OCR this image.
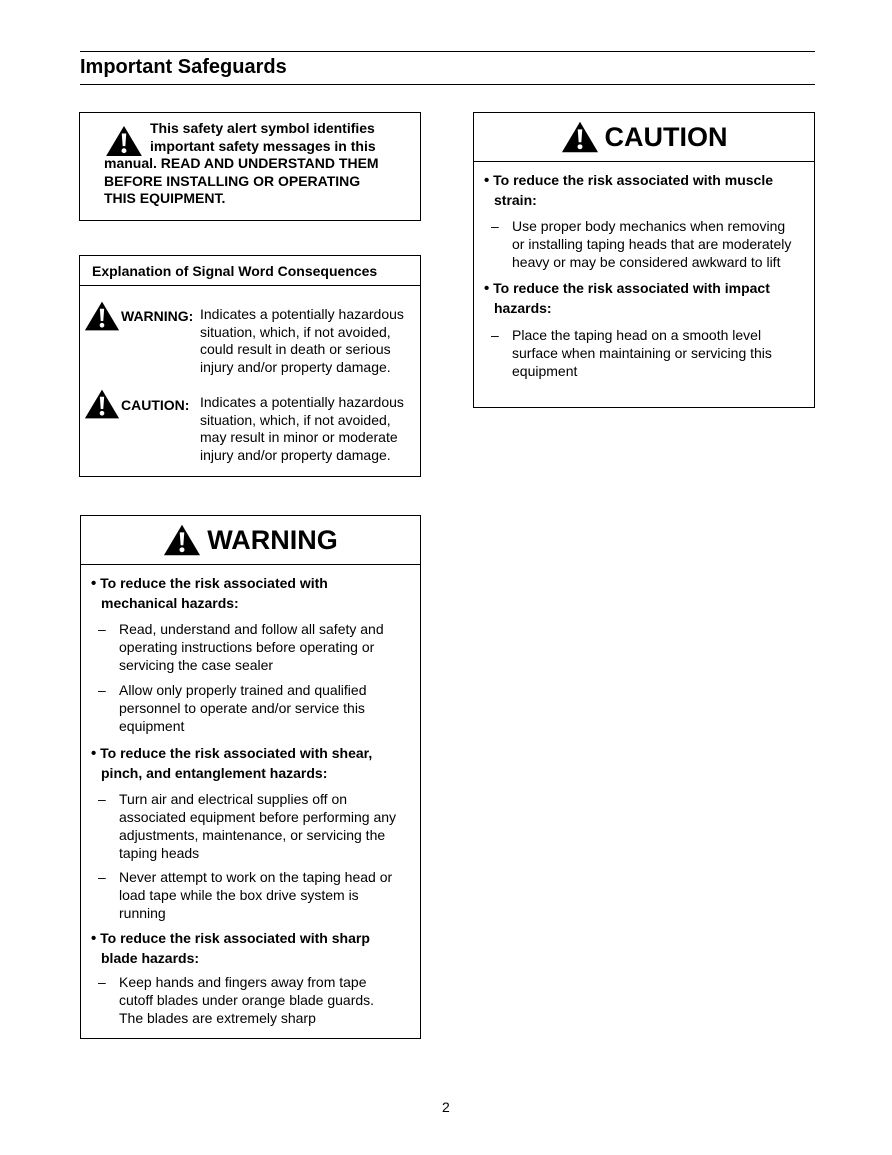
Important Safeguards
This safety alert symbol identifies
important safety messages in this
manual. READ AND UNDERSTAND THEM
BEFORE INSTALLING OR OPERATING
THIS EQUIPMENT.
Explanation of Signal Word Consequences
WARNING: Indicates a potentially hazardous
situation, which, if not avoided,
could result in death or serious
injury and/or property damage.
CAUTION: Indicates a potentially hazardous
situation, which, if not avoided,
may result in minor or moderate
injury and/or property damage.
WARNING
• To reduce the risk associated with
mechanical hazards:
– Read, understand and follow all safety and
operating instructions before operating or
servicing the case sealer
– Allow only properly trained and qualified
personnel to operate and/or service this
equipment
• To reduce the risk associated with shear,
pinch, and entanglement hazards:
– Turn air and electrical supplies off on
associated equipment before performing any
adjustments, maintenance, or servicing the
taping heads
– Never attempt to work on the taping head or
load tape while the box drive system is
running
• To reduce the risk associated with sharp
blade hazards:
– Keep hands and fingers away from tape
cutoff blades under orange blade guards.
The blades are extremely sharp
CAUTION
• To reduce the risk associated with muscle
strain:
– Use proper body mechanics when removing
or installing taping heads that are moderately
heavy or may be considered awkward to lift
• To reduce the risk associated with impact
hazards:
– Place the taping head on a smooth level
surface when maintaining or servicing this
equipment
2
